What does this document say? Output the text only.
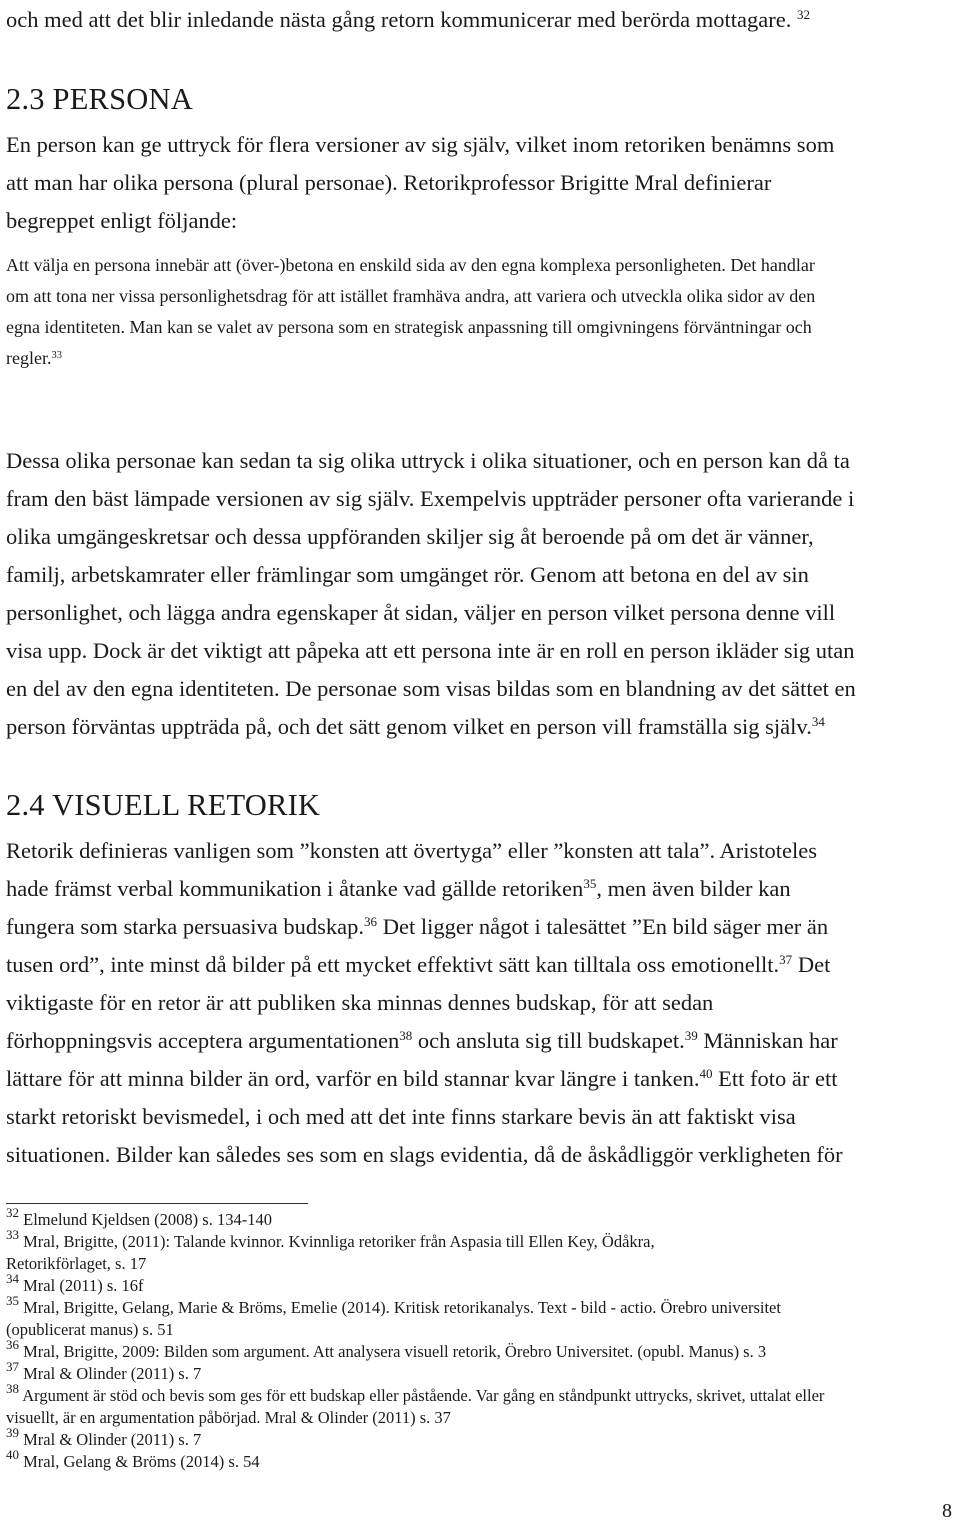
och med att det blir inledande nästa gång retorn kommunicerar med berörda mottagare. $^{32}$
2.3 PERSONA
En person kan ge uttryck för flera versioner av sig själv, vilket inom retoriken benämns som
att man har olika persona (plural personae). Retorikprofessor Brigitte Mral definierar
begreppet enligt följande:
Att välja en persona innebär att (över-)betona en enskild sida av den egna komplexa personligheten. Det handlar
om att tona ner vissa personlighetsdrag för att istället framhäva andra, att variera och utveckla olika sidor av den
egna identiteten. Man kan se valet av persona som en strategisk anpassning till omgivningens förväntningar och
regler.$^{33}$
Dessa olika personae kan sedan ta sig olika uttryck i olika situationer, och en person kan då ta
fram den bäst lämpade versionen av sig själv. Exempelvis uppträder personer ofta varierande i
olika umgängeskretsar och dessa uppföranden skiljer sig åt beroende på om det är vänner,
familj, arbetskamrater eller främlingar som umgänget rör. Genom att betona en del av sin
personlighet, och lägga andra egenskaper åt sidan, väljer en person vilket persona denne vill
visa upp. Dock är det viktigt att påpeka att ett persona inte är en roll en person ikläder sig utan
en del av den egna identiteten. De personae som visas bildas som en blandning av det sättet en
person förväntas uppträda på, och det sätt genom vilket en person vill framställa sig själv.$^{34}$
2.4 VISUELL RETORIK
Retorik definieras vanligen som ”konsten att övertyga” eller ”konsten att tala”. Aristoteles
hade främst verbal kommunikation i åtanke vad gällde retoriken$^{35}$, men även bilder kan
fungera som starka persuasiva budskap.$^{36}$ Det ligger något i talesättet ”En bild säger mer än
tusen ord”, inte minst då bilder på ett mycket effektivt sätt kan tilltala oss emotionellt.$^{37}$ Det
viktigaste för en retor är att publiken ska minnas dennes budskap, för att sedan
förhoppningsvis acceptera argumentationen$^{38}$ och ansluta sig till budskapet.$^{39}$ Människan har
lättare för att minna bilder än ord, varför en bild stannar kvar längre i tanken.$^{40}$ Ett foto är ett
starkt retoriskt bevismedel, i och med att det inte finns starkare bevis än att faktiskt visa
situationen. Bilder kan således ses som en slags evidentia, då de åskådliggör verkligheten för
$^{32}$ Elmelund Kjeldsen (2008) s. 134-140
$^{33}$ Mral, Brigitte, (2011): Talande kvinnor. Kvinnliga retoriker från Aspasia till Ellen Key, Ödåkra,
Retorikförlaget, s. 17
$^{34}$ Mral (2011) s. 16f
$^{35}$ Mral, Brigitte, Gelang, Marie & Bröms, Emelie (2014). Kritisk retorikanalys. Text - bild - actio. Örebro universitet
(opublicerat manus) s. 51
$^{36}$ Mral, Brigitte, 2009: Bilden som argument. Att analysera visuell retorik, Örebro Universitet. (opubl. Manus) s. 3
$^{37}$ Mral & Olinder (2011) s. 7
$^{38}$ Argument är stöd och bevis som ges för ett budskap eller påstående. Var gång en ståndpunkt uttrycks, skrivet, uttalat eller
visuellt, är en argumentation påbörjad. Mral & Olinder (2011) s. 37
$^{39}$ Mral & Olinder (2011) s. 7
$^{40}$ Mral, Gelang & Bröms (2014) s. 54
8
